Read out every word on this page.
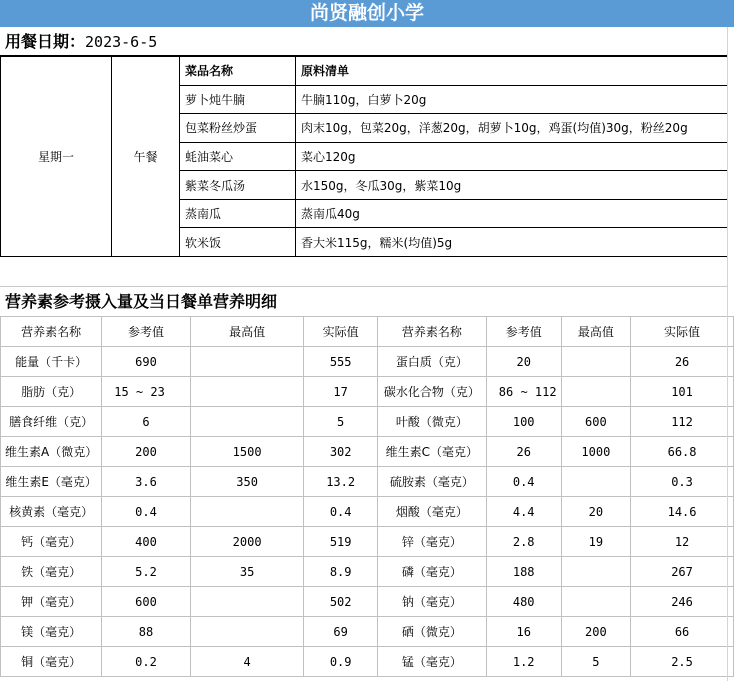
尚贤融创小学
用餐日期：2023-6-5
星期一	午餐	菜品名称	原料清单
		萝卜炖牛腩	牛腩110g，白萝卜20g
		包菜粉丝炒蛋	肉末10g，包菜20g，洋葱20g，胡萝卜10g，鸡蛋(均值)30g，粉丝20g
		蚝油菜心	菜心120g
		紫菜冬瓜汤	水150g，冬瓜30g，紫菜10g
		蒸南瓜	蒸南瓜40g
		软米饭	香大米115g，糯米(均值)5g
营养素参考摄入量及当日餐单营养明细
营养素名称	参考值	最高值	实际值	营养素名称	参考值	最高值	实际值
能量（千卡）	690		555	蛋白质（克）	20		26
脂肪（克）	15 ~ 23		17	碳水化合物（克）	86 ~ 112		101
膳食纤维（克）	6		5	叶酸（微克）	100	600	112
维生素A（微克）	200	1500	302	维生素C（毫克）	26	1000	66.8
维生素E（毫克）	3.6	350	13.2	硫胺素（毫克）	0.4		0.3
核黄素（毫克）	0.4		0.4	烟酸（毫克）	4.4	20	14.6
钙（毫克）	400	2000	519	锌（毫克）	2.8	19	12
铁（毫克）	5.2	35	8.9	磷（毫克）	188		267
钾（毫克）	600		502	钠（毫克）	480		246
镁（毫克）	88		69	硒（微克）	16	200	66
铜（毫克）	0.2	4	0.9	锰（毫克）	1.2	5	2.5
